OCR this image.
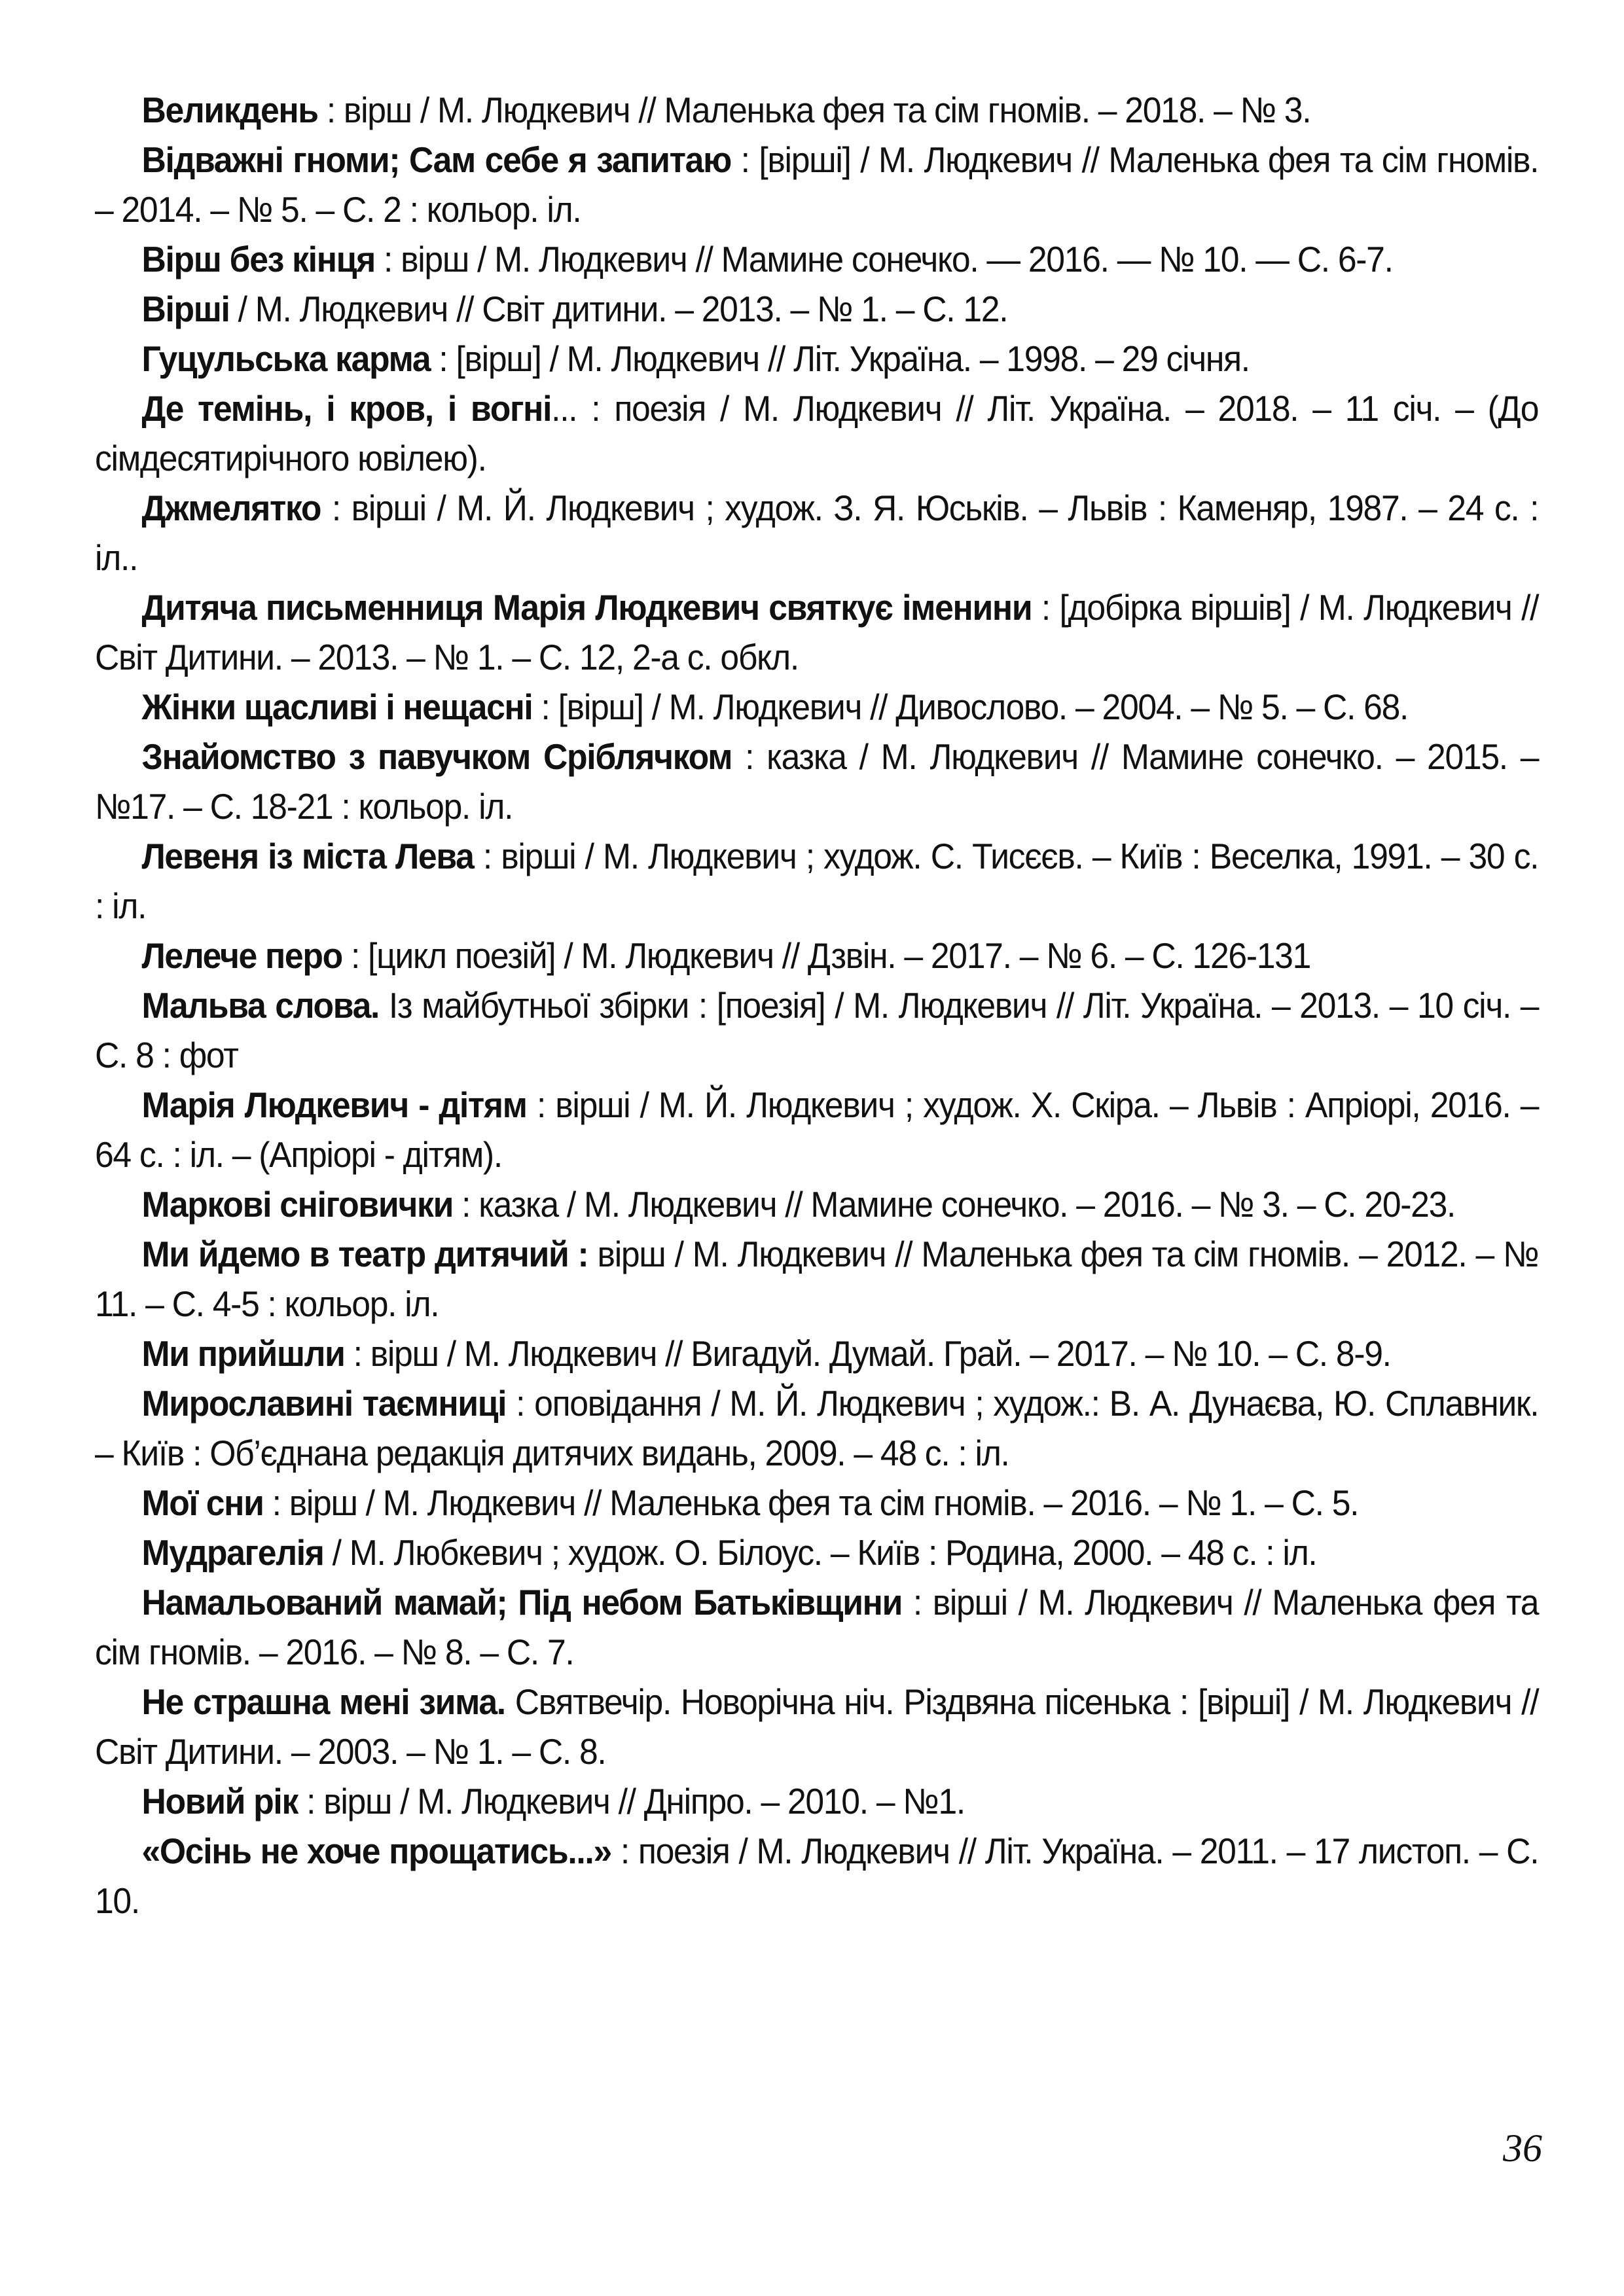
Великдень : вірш / М. Людкевич // Маленька фея та сім гномів. – 2018. – № 3.

Відважні гноми; Сам себе я запитаю : [вірші] / М. Людкевич // Маленька фея та сім гномів. – 2014. – № 5. – С. 2 : кольор. іл.

Вірш без кінця : вірш / М. Людкевич // Мамине сонечко. — 2016. — № 10. — С. 6-7.

Вірші / М. Людкевич // Світ дитини. – 2013. – № 1. – С. 12.

Гуцульська карма : [вірш] / М. Людкевич // Літ. Україна. – 1998. – 29 січня.

Де темінь, і кров, і вогні... : поезія / М. Людкевич // Літ. Україна. – 2018. – 11 січ. – (До сімдесятирічного ювілею).

Джмелятко : вірші / М. Й. Людкевич ; худож. З. Я. Юськів. – Львів : Каменяр, 1987. – 24 с. : іл..

Дитяча письменниця Марія Людкевич святкує іменини : [добірка віршів] / М. Людкевич // Світ Дитини. – 2013. – № 1. – С. 12, 2-а с. обкл.

Жінки щасливі і нещасні : [вірш] / М. Людкевич // Дивослово. – 2004. – № 5. – С. 68.

Знайомство з павучком Сріблячком : казка / М. Людкевич // Мамине сонечко. – 2015. – №17. – С. 18-21 : кольор. іл.

Левеня із міста Лева : вірші / М. Людкевич ; худож. С. Тисєєв. – Київ : Веселка, 1991. – 30 с. : іл.

Лелече перо : [цикл поезій] / М. Людкевич // Дзвін. – 2017. – № 6. – С. 126-131

Мальва слова. Із майбутньої збірки : [поезія] / М. Людкевич // Літ. Україна. – 2013. – 10 січ. – С. 8 : фот

Марія Людкевич - дітям : вірші / М. Й. Людкевич ; худож. Х. Скіра. – Львів : Апріорі, 2016. – 64 с. : іл. – (Апріорі - дітям).

Маркові сніговички : казка / М. Людкевич // Мамине сонечко. – 2016. – № 3. – С. 20-23.

Ми йдемо в театр дитячий : вірш / М. Людкевич // Маленька фея та сім гномів. – 2012. – № 11. – С. 4-5 : кольор. іл.

Ми прийшли : вірш / М. Людкевич // Вигадуй. Думай. Грай. – 2017. – № 10. – С. 8-9.

Мирославині таємниці : оповідання / М. Й. Людкевич ; худож.: В. А. Дунаєва, Ю. Сплавник. – Київ : Об’єднана редакція дитячих видань, 2009. – 48 с. : іл.

Мої сни : вірш / М. Людкевич // Маленька фея та сім гномів. – 2016. – № 1. – С. 5.

Мудрагелія / М. Любкевич ; худож. О. Білоус. – Київ : Родина, 2000. – 48 с. : іл.

Намальований мамай; Під небом Батьківщини : вірші / М. Людкевич // Маленька фея та сім гномів. – 2016. – № 8. – С. 7.

Не страшна мені зима. Святвечір. Новорічна ніч. Різдвяна пісенька : [вірші] / М. Людкевич // Світ Дитини. – 2003. – № 1. – С. 8.

Новий рік : вірш / М. Людкевич // Дніпро. – 2010. – №1.

«Осінь не хоче прощатись...» : поезія / М. Людкевич // Літ. Україна. – 2011. – 17 листоп. – С. 10.

36
